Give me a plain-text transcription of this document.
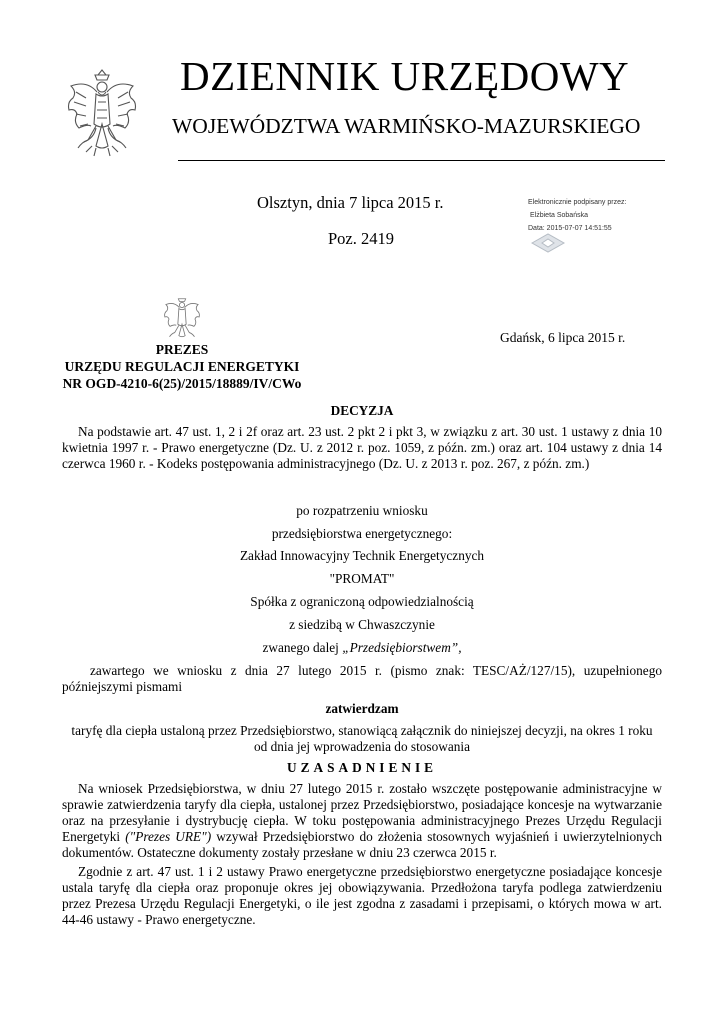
DZIENNIK URZĘDOWY
WOJEWÓDZTWA WARMIŃSKO-MAZURSKIEGO
Olsztyn, dnia 7 lipca 2015 r.
Poz. 2419
Elektronicznie podpisany przez:
Elżbieta Sobańska
Data: 2015-07-07 14:51:55
Gdańsk, 6 lipca 2015 r.
PREZES
URZĘDU REGULACJI ENERGETYKI
NR OGD-4210-6(25)/2015/18889/IV/CWo
DECYZJA
Na podstawie art. 47 ust. 1, 2 i 2f oraz art. 23 ust. 2 pkt 2 i pkt 3, w związku z art. 30 ust. 1 ustawy z dnia 10 kwietnia 1997 r. - Prawo energetyczne (Dz. U. z 2012 r. poz. 1059, z późn. zm.) oraz art. 104 ustawy z dnia 14 czerwca 1960 r. - Kodeks postępowania administracyjnego (Dz. U. z 2013 r. poz. 267, z późn. zm.)
po rozpatrzeniu wniosku
przedsiębiorstwa energetycznego:
Zakład Innowacyjny Technik Energetycznych
"PROMAT"
Spółka z ograniczoną odpowiedzialnością
z siedzibą w Chwaszczynie
zwanego dalej „Przedsiębiorstwem”,
zawartego we wniosku z dnia 27 lutego 2015 r. (pismo znak: TESC/AŻ/127/15), uzupełnionego
późniejszymi pismami
zatwierdzam
taryfę dla ciepła ustaloną przez Przedsiębiorstwo, stanowiącą załącznik do niniejszej decyzji, na okres 1 roku
od dnia jej wprowadzenia do stosowania
UZASADNIENIE
Na wniosek Przedsiębiorstwa, w dniu 27 lutego 2015 r. zostało wszczęte postępowanie administracyjne w sprawie zatwierdzenia taryfy dla ciepła, ustalonej przez Przedsiębiorstwo, posiadające koncesje na wytwarzanie oraz na przesyłanie i dystrybucję ciepła. W toku postępowania administracyjnego Prezes Urzędu Regulacji Energetyki ("Prezes URE") wzywał Przedsiębiorstwo do złożenia stosownych wyjaśnień i uwierzytelnionych dokumentów. Ostateczne dokumenty zostały przesłane w dniu 23 czerwca 2015 r.
Zgodnie z art. 47 ust. 1 i 2 ustawy Prawo energetyczne przedsiębiorstwo energetyczne posiadające koncesje ustala taryfę dla ciepła oraz proponuje okres jej obowiązywania. Przedłożona taryfa podlega zatwierdzeniu przez Prezesa Urzędu Regulacji Energetyki, o ile jest zgodna z zasadami i przepisami, o których mowa w art. 44-46 ustawy - Prawo energetyczne.
